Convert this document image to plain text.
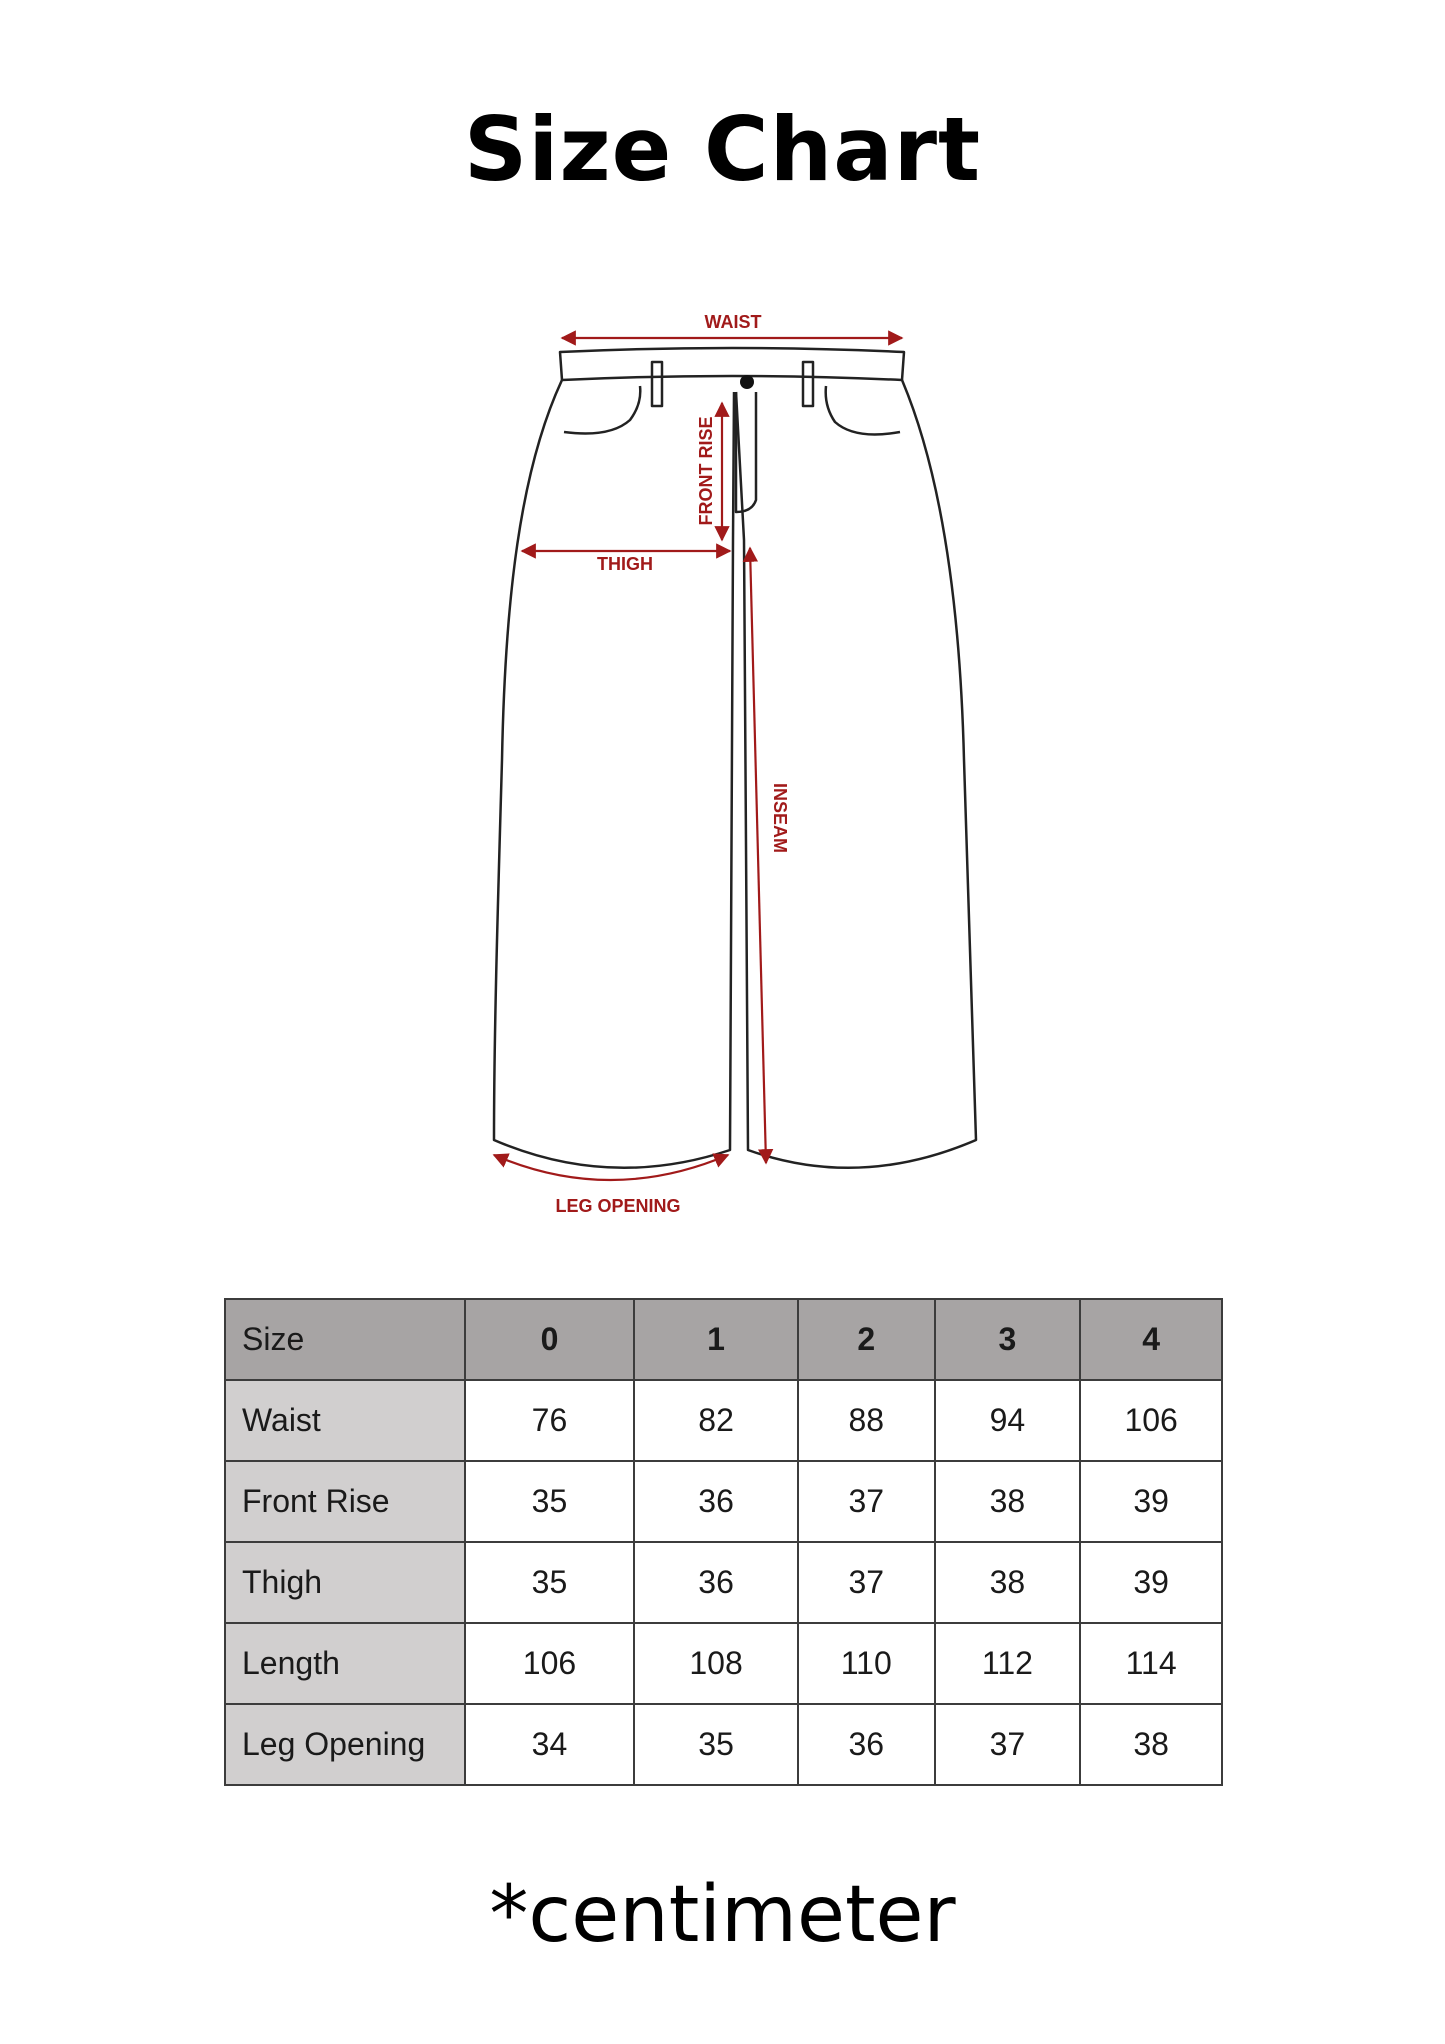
Size Chart
WAIST
FRONT RISE
THIGH
INSEAM
LEG OPENING
Size	0	1	2	3	4
Waist	76	82	88	94	106
Front Rise	35	36	37	38	39
Thigh	35	36	37	38	39
Length	106	108	110	112	114
Leg Opening	34	35	36	37	38
*centimeter
